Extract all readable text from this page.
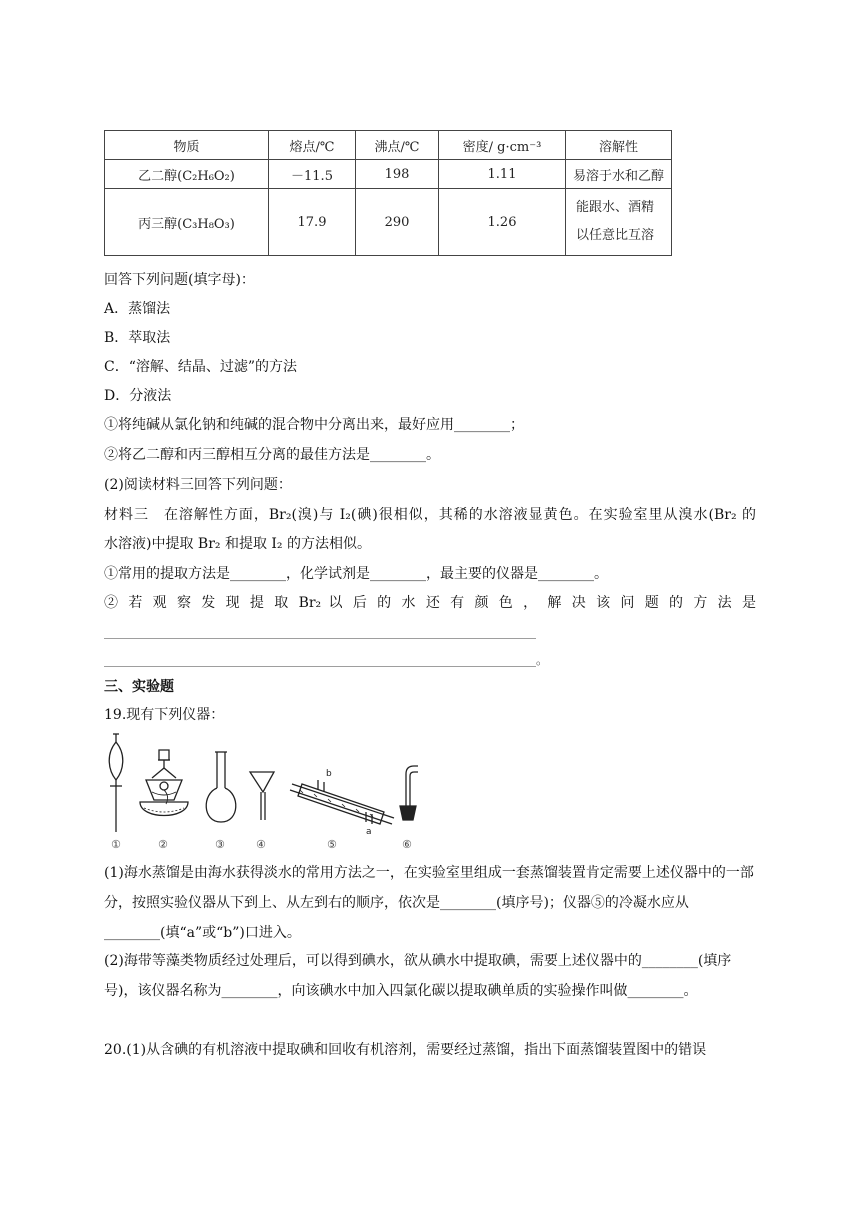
物质	熔点/℃	沸点/℃	密度/ g·cm⁻³	溶解性
乙二醇(C₂H₆O₂)	－11.5	198	1.11	易溶于水和乙醇
丙三醇(C₃H₈O₃)	17.9	290	1.26	能跟水、酒精以任意比互溶
回答下列问题(填字母)：
A．蒸馏法
B．萃取法
C．“溶解、结晶、过滤”的方法
D．分液法
①将纯碱从氯化钠和纯碱的混合物中分离出来，最好应用________；
②将乙二醇和丙三醇相互分离的最佳方法是________。
(2)阅读材料三回答下列问题：
材料三　在溶解性方面，Br₂(溴)与 I₂(碘)很相似，其稀的水溶液显黄色。在实验室里从溴水(Br₂ 的
水溶液)中提取 Br₂ 和提取 I₂ 的方法相似。
①常用的提取方法是________，化学试剂是________，最主要的仪器是________。
② 若 观 察 发 现 提 取 Br₂ 以 后 的 水 还 有 颜 色 ， 解 决 该 问 题 的 方 法 是
________________________________________________________________________
________________________________________________________________________。
三、实验题
19.现有下列仪器：
b
a
①	②	③	④	⑤	⑥
(1)海水蒸馏是由海水获得淡水的常用方法之一，在实验室里组成一套蒸馏装置肯定需要上述仪器中的一部分，按照实验仪器从下到上、从左到右的顺序，依次是________(填序号)；仪器⑤的冷凝水应从________(填“a”或“b”)口进入。
(2)海带等藻类物质经过处理后，可以得到碘水，欲从碘水中提取碘，需要上述仪器中的________(填序号)，该仪器名称为________，向该碘水中加入四氯化碳以提取碘单质的实验操作叫做________。
20.(1)从含碘的有机溶液中提取碘和回收有机溶剂，需要经过蒸馏，指出下面蒸馏装置图中的错误
